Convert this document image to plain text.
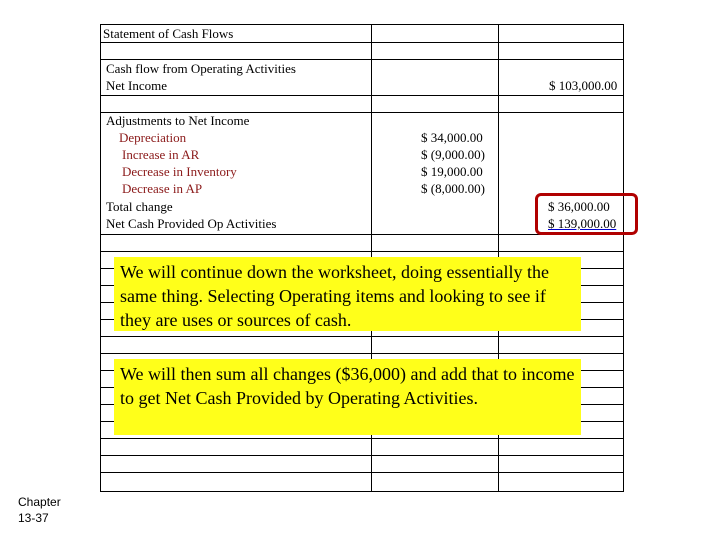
Statement of Cash Flows
Cash flow from Operating Activities
Net Income	$ 103,000.00
Adjustments to Net Income
Depreciation
Increase in AR
Decrease in Inventory
Decrease in AP
$ 34,000.00
$ (9,000.00)
$ 19,000.00
$ (8,000.00)
Total change
Net Cash Provided Op Activities
$ 36,000.00
$ 139,000.00
We will continue down the worksheet, doing essentially the same thing. Selecting Operating items and looking to see if they are uses or sources of cash.
We will then sum all changes ($36,000) and add that to income to get Net Cash Provided by Operating Activities.
Chapter
13-37
